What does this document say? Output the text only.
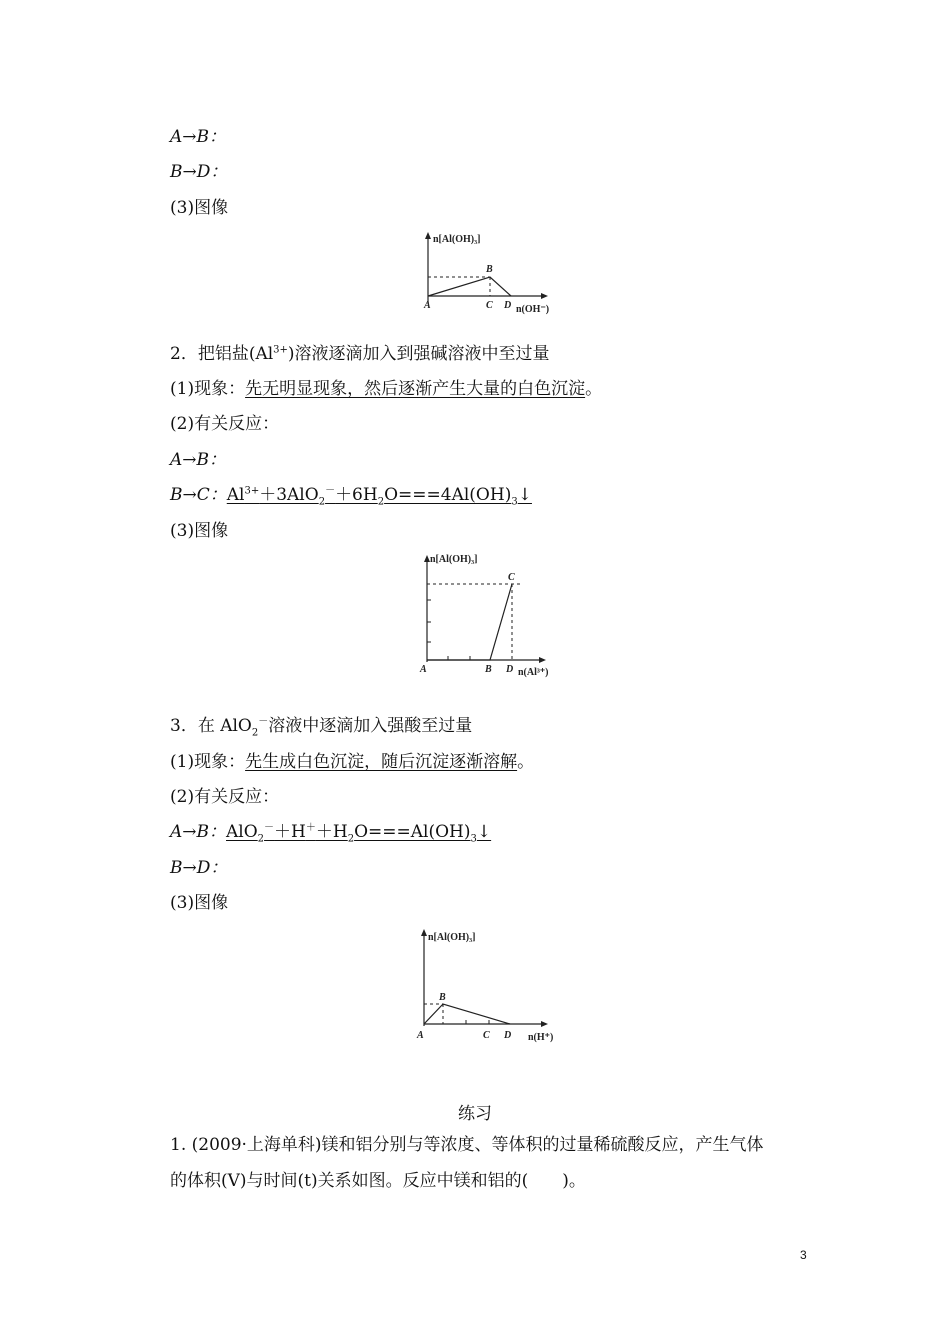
A→B：
B→D：
(3)图像
n[Al(OH)₃]
A
B
C D n(OH⁻)
2．把铝盐$(Al^{3+})$溶液逐滴加入到强碱溶液中至过量
(1)现象：先无明显现象，然后逐渐产生大量的白色沉淀。
(2)有关反应：
A→B：
B→C：$Al^{3+}+3AlO_2^-+6H_2O===4Al(OH)_3↓$
(3)图像
n[Al(OH)₃]
A	B
C
D n(Al³⁺)
3．在 AlO$_2$－溶液中逐滴加入强酸至过量
(1)现象：先生成白色沉淀，随后沉淀逐渐溶解。
(2)有关反应：
A→B：$AlO_2^-+H^++H_2O===Al(OH)_3↓$
B→D：
(3)图像
n[Al(OH)₃]
A
B
C D n(H⁺)
练习
1. (2009·上海单科)镁和铝分别与等浓度、等体积的过量稀硫酸反应，产生气体
的体积(V)与时间(t)关系如图。反应中镁和铝的(　　)。
3
